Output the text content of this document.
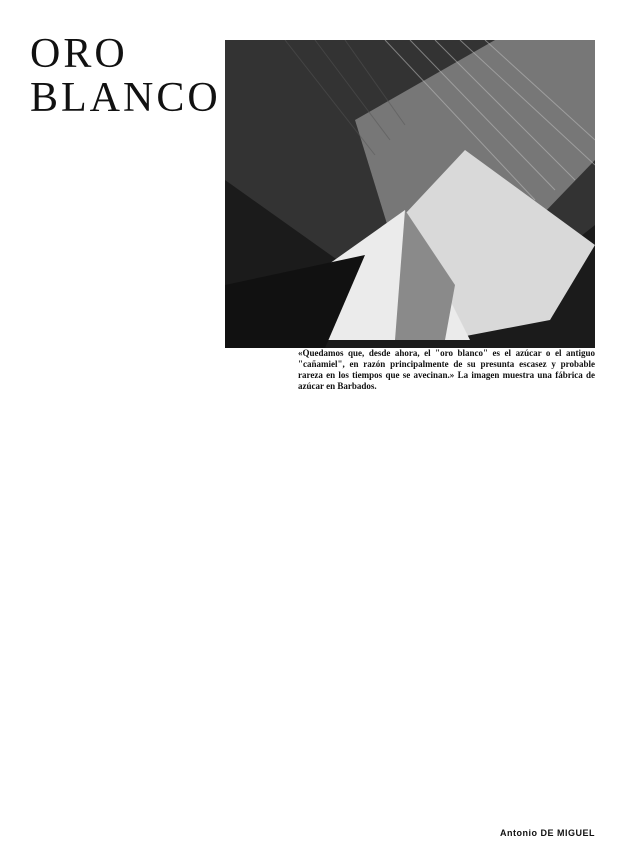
ORO
BLANCO
«Quedamos que, desde ahora, el "oro blanco" es el azúcar o el antiguo "cañamiel", en razón principalmente de su presunta escasez y probable rareza en los tiempos que se avecinan.» La imagen muestra una fábrica de azúcar en Barbados.
Antonio DE MIGUEL
